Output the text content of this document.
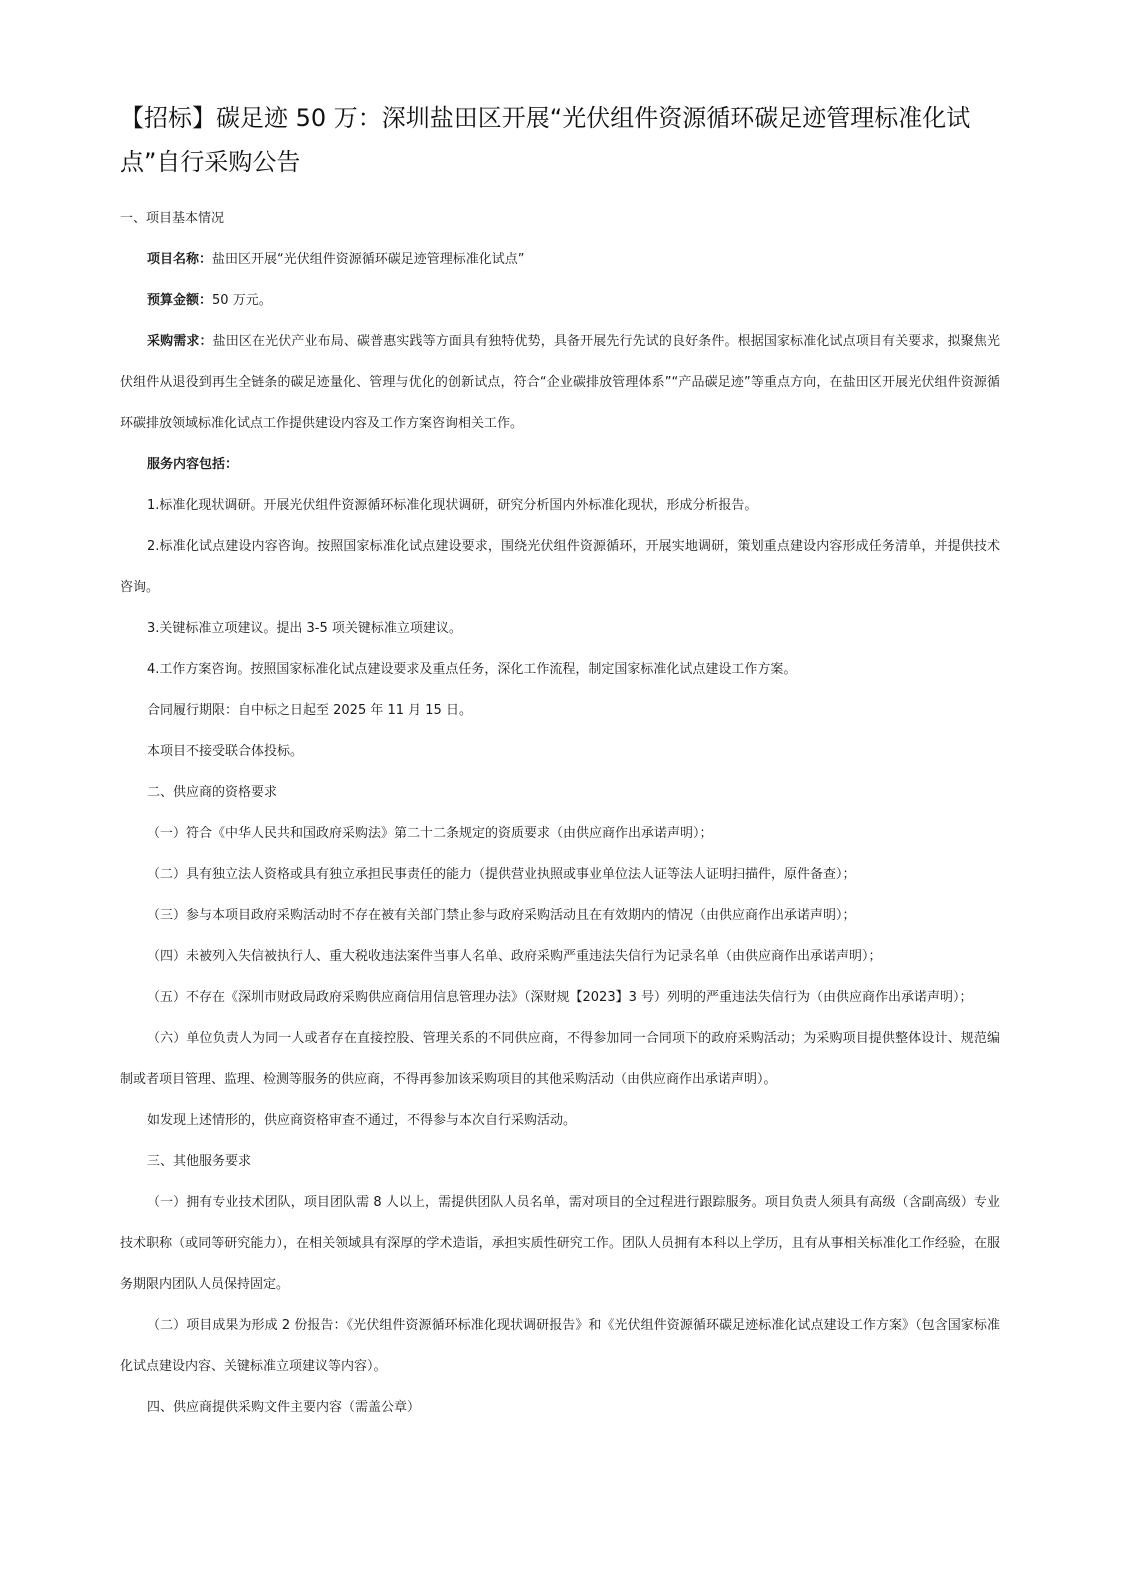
【招标】碳足迹 50 万：深圳盐田区开展“光伏组件资源循环碳足迹管理标准化试点”自行采购公告

一、项目基本情况

项目名称：盐田区开展“光伏组件资源循环碳足迹管理标准化试点”

预算金额：50 万元。

采购需求：盐田区在光伏产业布局、碳普惠实践等方面具有独特优势，具备开展先行先试的良好条件。根据国家标准化试点项目有关要求，拟聚焦光伏组件从退役到再生全链条的碳足迹量化、管理与优化的创新试点，符合“企业碳排放管理体系”“产品碳足迹”等重点方向，在盐田区开展光伏组件资源循环碳排放领域标准化试点工作提供建设内容及工作方案咨询相关工作。

服务内容包括：

1.标准化现状调研。开展光伏组件资源循环标准化现状调研，研究分析国内外标准化现状，形成分析报告。

2.标准化试点建设内容咨询。按照国家标准化试点建设要求，围绕光伏组件资源循环，开展实地调研，策划重点建设内容形成任务清单，并提供技术咨询。

3.关键标准立项建议。提出 3-5 项关键标准立项建议。

4.工作方案咨询。按照国家标准化试点建设要求及重点任务，深化工作流程，制定国家标准化试点建设工作方案。

合同履行期限：自中标之日起至 2025 年 11 月 15 日。

本项目不接受联合体投标。

二、供应商的资格要求

（一）符合《中华人民共和国政府采购法》第二十二条规定的资质要求（由供应商作出承诺声明）；

（二）具有独立法人资格或具有独立承担民事责任的能力（提供营业执照或事业单位法人证等法人证明扫描件，原件备查）；

（三）参与本项目政府采购活动时不存在被有关部门禁止参与政府采购活动且在有效期内的情况（由供应商作出承诺声明）；

（四）未被列入失信被执行人、重大税收违法案件当事人名单、政府采购严重违法失信行为记录名单（由供应商作出承诺声明）；

（五）不存在《深圳市财政局政府采购供应商信用信息管理办法》（深财规【2023】3 号）列明的严重违法失信行为（由供应商作出承诺声明）；

（六）单位负责人为同一人或者存在直接控股、管理关系的不同供应商，不得参加同一合同项下的政府采购活动；为采购项目提供整体设计、规范编制或者项目管理、监理、检测等服务的供应商，不得再参加该采购项目的其他采购活动（由供应商作出承诺声明）。

如发现上述情形的，供应商资格审查不通过，不得参与本次自行采购活动。

三、其他服务要求

（一）拥有专业技术团队，项目团队需 8 人以上，需提供团队人员名单，需对项目的全过程进行跟踪服务。项目负责人须具有高级（含副高级）专业技术职称（或同等研究能力），在相关领域具有深厚的学术造诣，承担实质性研究工作。团队人员拥有本科以上学历，且有从事相关标准化工作经验，在服务期限内团队人员保持固定。

（二）项目成果为形成 2 份报告：《光伏组件资源循环标准化现状调研报告》和《光伏组件资源循环碳足迹标准化试点建设工作方案》（包含国家标准化试点建设内容、关键标准立项建议等内容）。

四、供应商提供采购文件主要内容（需盖公章）
